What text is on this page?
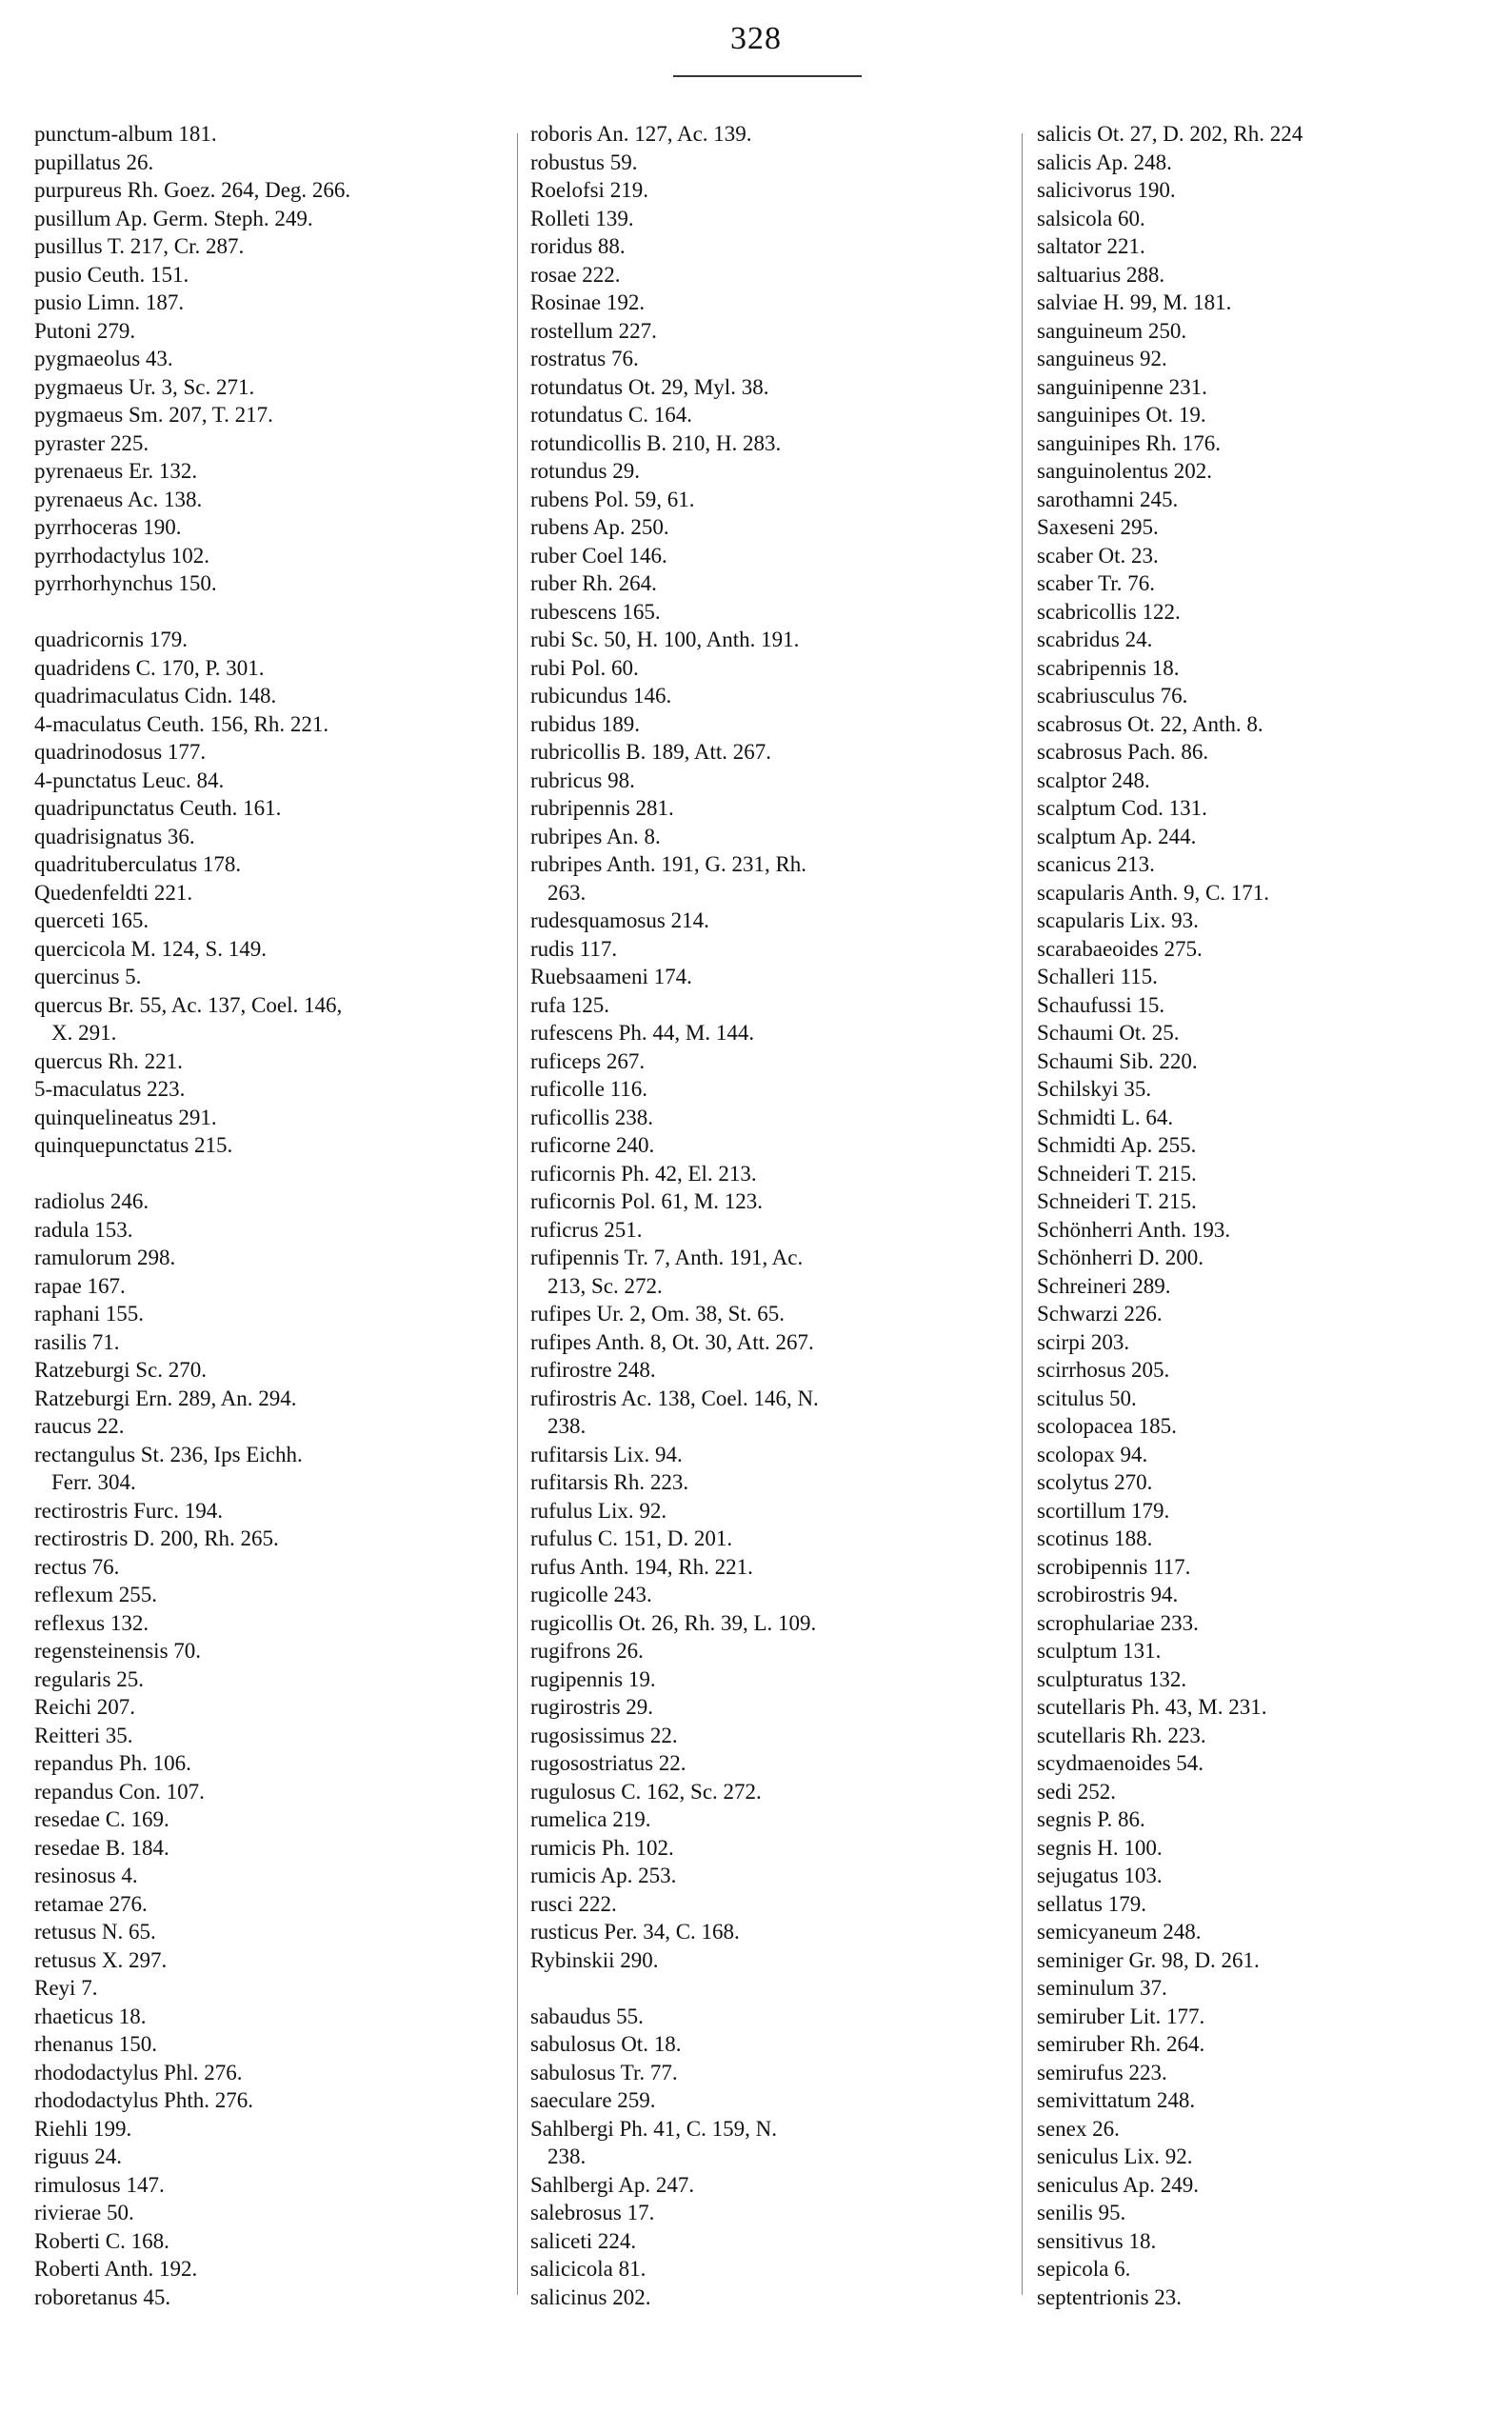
328
punctum-album 181.
pupillatus 26.
purpureus Rh. Goez. 264, Deg. 266.
pusillum Ap. Germ. Steph. 249.
pusillus T. 217, Cr. 287.
pusio Ceuth. 151.
pusio Limn. 187.
Putoni 279.
pygmaeolus 43.
pygmaeus Ur. 3, Sc. 271.
pygmaeus Sm. 207, T. 217.
pyraster 225.
pyrenaeus Er. 132.
pyrenaeus Ac. 138.
pyrrhoceras 190.
pyrrhodactylus 102.
pyrrhorhynchus 150.
quadricornis 179.
quadridens C. 170, P. 301.
quadrimaculatus Cidn. 148.
4-maculatus Ceuth. 156, Rh. 221.
quadrinodosus 177.
4-punctatus Leuc. 84.
quadripunctatus Ceuth. 161.
quadrisignatus 36.
quadrituberculatus 178.
Quedenfeldti 221.
querceti 165.
quercicola M. 124, S. 149.
quercinus 5.
quercus Br. 55, Ac. 137, Coel. 146,
X. 291.
quercus Rh. 221.
5-maculatus 223.
quinquelineatus 291.
quinquepunctatus 215.
radiolus 246.
radula 153.
ramulorum 298.
rapae 167.
raphani 155.
rasilis 71.
Ratzeburgi Sc. 270.
Ratzeburgi Ern. 289, An. 294.
raucus 22.
rectangulus St. 236, Ips Eichh.
Ferr. 304.
rectirostris Furc. 194.
rectirostris D. 200, Rh. 265.
rectus 76.
reflexum 255.
reflexus 132.
regensteinensis 70.
regularis 25.
Reichi 207.
Reitteri 35.
repandus Ph. 106.
repandus Con. 107.
resedae C. 169.
resedae B. 184.
resinosus 4.
retamae 276.
retusus N. 65.
retusus X. 297.
Reyi 7.
rhaeticus 18.
rhenanus 150.
rhododactylus Phl. 276.
rhododactylus Phth. 276.
Riehli 199.
riguus 24.
rimulosus 147.
rivierae 50.
Roberti C. 168.
Roberti Anth. 192.
roboretanus 45.
roboris An. 127, Ac. 139.
robustus 59.
Roelofsi 219.
Rolleti 139.
roridus 88.
rosae 222.
Rosinae 192.
rostellum 227.
rostratus 76.
rotundatus Ot. 29, Myl. 38.
rotundatus C. 164.
rotundicollis B. 210, H. 283.
rotundus 29.
rubens Pol. 59, 61.
rubens Ap. 250.
ruber Coel 146.
ruber Rh. 264.
rubescens 165.
rubi Sc. 50, H. 100, Anth. 191.
rubi Pol. 60.
rubicundus 146.
rubidus 189.
rubricollis B. 189, Att. 267.
rubricus 98.
rubripennis 281.
rubripes An. 8.
rubripes Anth. 191, G. 231, Rh.
263.
rudesquamosus 214.
rudis 117.
Ruebsaameni 174.
rufa 125.
rufescens Ph. 44, M. 144.
ruficeps 267.
ruficolle 116.
ruficollis 238.
ruficorne 240.
ruficornis Ph. 42, El. 213.
ruficornis Pol. 61, M. 123.
ruficrus 251.
rufipennis Tr. 7, Anth. 191, Ac.
213, Sc. 272.
rufipes Ur. 2, Om. 38, St. 65.
rufipes Anth. 8, Ot. 30, Att. 267.
rufirostre 248.
rufirostris Ac. 138, Coel. 146, N.
238.
rufitarsis Lix. 94.
rufitarsis Rh. 223.
rufulus Lix. 92.
rufulus C. 151, D. 201.
rufus Anth. 194, Rh. 221.
rugicolle 243.
rugicollis Ot. 26, Rh. 39, L. 109.
rugifrons 26.
rugipennis 19.
rugirostris 29.
rugosissimus 22.
rugosostriatus 22.
rugulosus C. 162, Sc. 272.
rumelica 219.
rumicis Ph. 102.
rumicis Ap. 253.
rusci 222.
rusticus Per. 34, C. 168.
Rybinskii 290.
sabaudus 55.
sabulosus Ot. 18.
sabulosus Tr. 77.
saeculare 259.
Sahlbergi Ph. 41, C. 159, N.
238.
Sahlbergi Ap. 247.
salebrosus 17.
saliceti 224.
salicicola 81.
salicinus 202.
salicis Ot. 27, D. 202, Rh. 224
salicis Ap. 248.
salicivorus 190.
salsicola 60.
saltator 221.
saltuarius 288.
salviae H. 99, M. 181.
sanguineum 250.
sanguineus 92.
sanguinipenne 231.
sanguinipes Ot. 19.
sanguinipes Rh. 176.
sanguinolentus 202.
sarothamni 245.
Saxeseni 295.
scaber Ot. 23.
scaber Tr. 76.
scabricollis 122.
scabridus 24.
scabripennis 18.
scabriusculus 76.
scabrosus Ot. 22, Anth. 8.
scabrosus Pach. 86.
scalptor 248.
scalptum Cod. 131.
scalptum Ap. 244.
scanicus 213.
scapularis Anth. 9, C. 171.
scapularis Lix. 93.
scarabaeoides 275.
Schalleri 115.
Schaufussi 15.
Schaumi Ot. 25.
Schaumi Sib. 220.
Schilskyi 35.
Schmidti L. 64.
Schmidti Ap. 255.
Schneideri T. 215.
Schneideri T. 215.
Schönherri Anth. 193.
Schönherri D. 200.
Schreineri 289.
Schwarzi 226.
scirpi 203.
scirrhosus 205.
scitulus 50.
scolopacea 185.
scolopax 94.
scolytus 270.
scortillum 179.
scotinus 188.
scrobipennis 117.
scrobirostris 94.
scrophulariae 233.
sculptum 131.
sculpturatus 132.
scutellaris Ph. 43, M. 231.
scutellaris Rh. 223.
scydmaenoides 54.
sedi 252.
segnis P. 86.
segnis H. 100.
sejugatus 103.
sellatus 179.
semicyaneum 248.
seminiger Gr. 98, D. 261.
seminulum 37.
semiruber Lit. 177.
semiruber Rh. 264.
semirufus 223.
semivittatum 248.
senex 26.
seniculus Lix. 92.
seniculus Ap. 249.
senilis 95.
sensitivus 18.
sepicola 6.
septentrionis 23.
